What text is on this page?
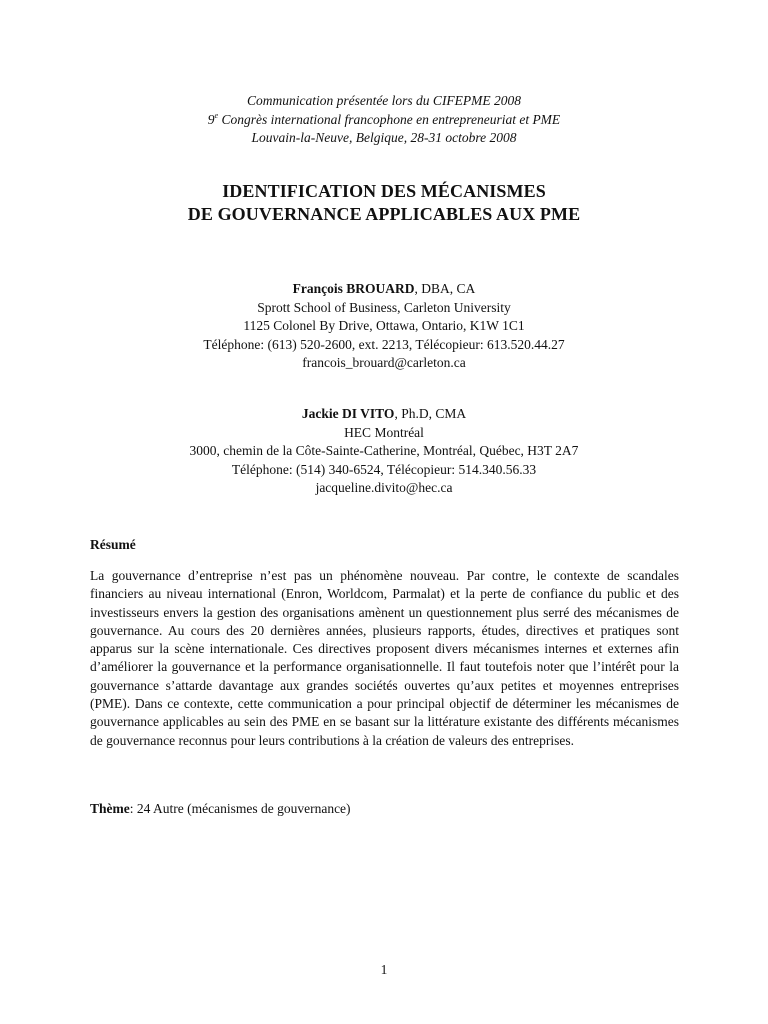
Communication présentée lors du CIFEPME 2008
9e Congrès international francophone en entrepreneuriat et PME
Louvain-la-Neuve, Belgique, 28-31 octobre 2008
IDENTIFICATION DES MÉCANISMES
DE GOUVERNANCE APPLICABLES AUX PME
François BROUARD, DBA, CA
Sprott School of Business, Carleton University
1125 Colonel By Drive, Ottawa, Ontario, K1W 1C1
Téléphone: (613) 520-2600, ext. 2213, Télécopieur: 613.520.44.27
francois_brouard@carleton.ca
Jackie DI VITO, Ph.D, CMA
HEC Montréal
3000, chemin de la Côte-Sainte-Catherine, Montréal, Québec, H3T 2A7
Téléphone: (514) 340-6524, Télécopieur: 514.340.56.33
jacqueline.divito@hec.ca
Résumé

La gouvernance d’entreprise n’est pas un phénomène nouveau. Par contre, le contexte de scandales financiers au niveau international (Enron, Worldcom, Parmalat) et la perte de confiance du public et des investisseurs envers la gestion des organisations amènent un questionnement plus serré des mécanismes de gouvernance. Au cours des 20 dernières années, plusieurs rapports, études, directives et pratiques sont apparus sur la scène internationale. Ces directives proposent divers mécanismes internes et externes afin d’améliorer la gouvernance et la performance organisationnelle. Il faut toutefois noter que l’intérêt pour la gouvernance s’attarde davantage aux grandes sociétés ouvertes qu’aux petites et moyennes entreprises (PME). Dans ce contexte, cette communication a pour principal objectif de déterminer les mécanismes de gouvernance applicables au sein des PME en se basant sur la littérature existante des différents mécanismes de gouvernance reconnus pour leurs contributions à la création de valeurs des entreprises.

Thème: 24 Autre (mécanismes de gouvernance)
1
